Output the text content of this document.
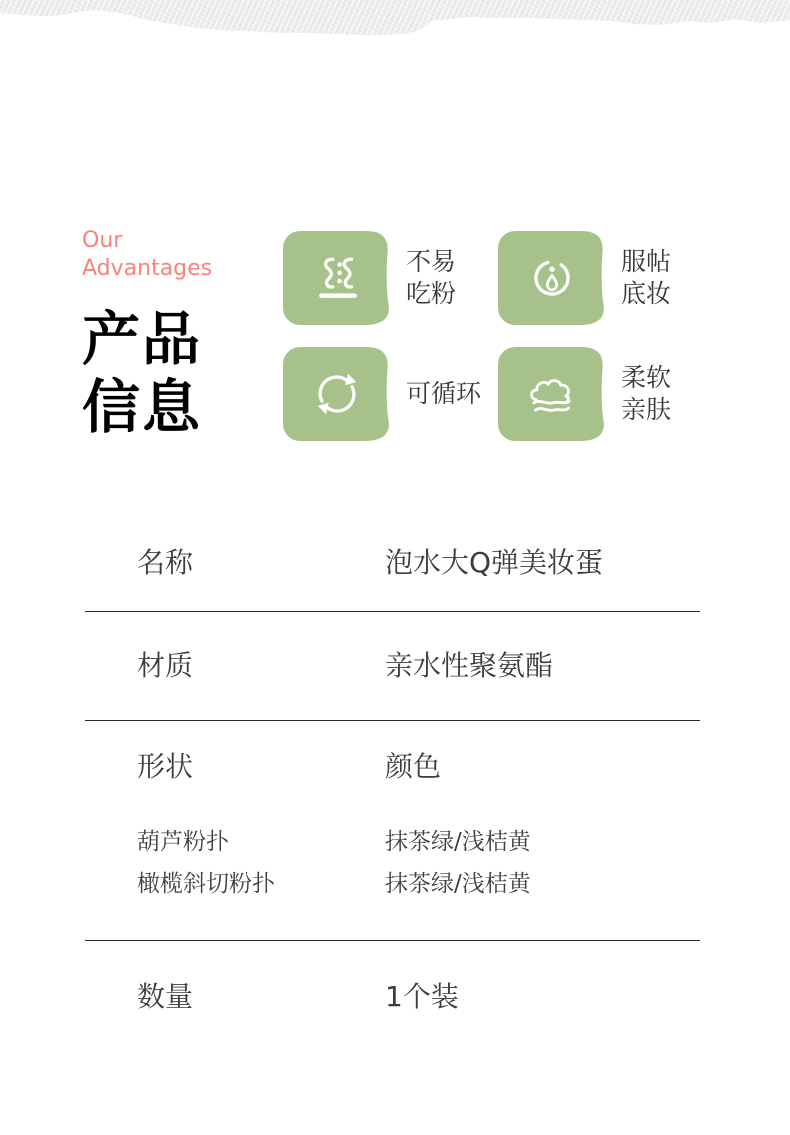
Our
Advantages
产品
信息
不易
吃粉
服帖
底妆
可循环
柔软
亲肤
名称	泡水大Q弹美妆蛋
材质	亲水性聚氨酯
形状	颜色
葫芦粉扑	抹茶绿/浅桔黄
橄榄斜切粉扑	抹茶绿/浅桔黄
数量	1个装
